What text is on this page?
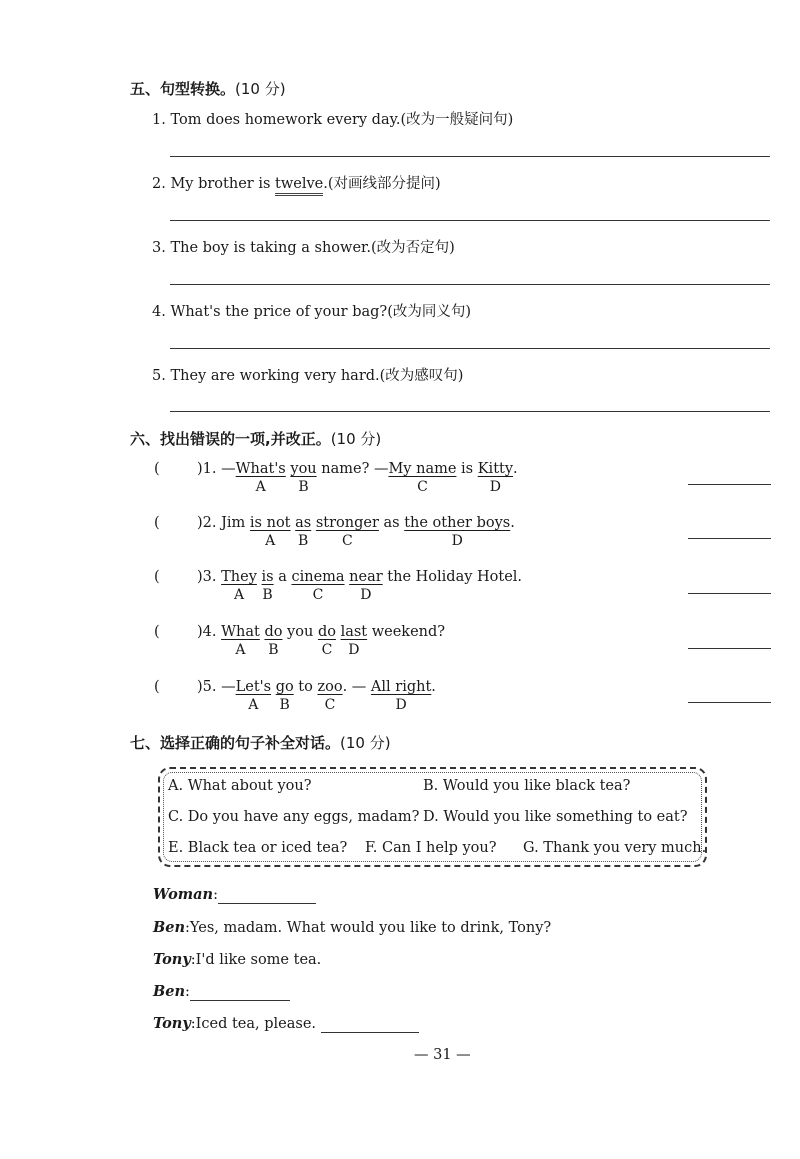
五、句型转换。(10 分)
1. Tom does homework every day.(改为一般疑问句)
2. My brother is twelve.(对画线部分提问)
3. The boy is taking a shower.(改为否定句)
4. What's the price of your bag?(改为同义句)
5. They are working very hard.(改为感叹句)
六、找出错误的一项,并改正。(10 分)
(	)1. —What's
A
you
B
name? —My name
C
is Kitty
D
.
(	)2. Jim is not
A
$\frac{as}{B}$ stronger
C
as the other boys
D
.
(	)3. They
A
$\frac{is}{B}$ a cinema
C
near
D
the Holiday Hotel.
(	)4. What
A
$\frac{do}{B}$ you $\frac{do}{C}$ last
D
weekend?
(	)5. —Let's
A
$\frac{go}{B}$ to zoo
C
. — All right
D
.
七、选择正确的句子补全对话。(10 分)
A. What about you?	B. Would you like black tea?
C. Do you have any eggs, madam? D. Would you like something to eat?
E. Black tea or iced tea? F. Can I help you? G. Thank you very much.
Woman:
Ben:Yes, madam. What would you like to drink, Tony?
Tony:I'd like some tea.
Ben:
Tony:Iced tea, please.
— 31 —
